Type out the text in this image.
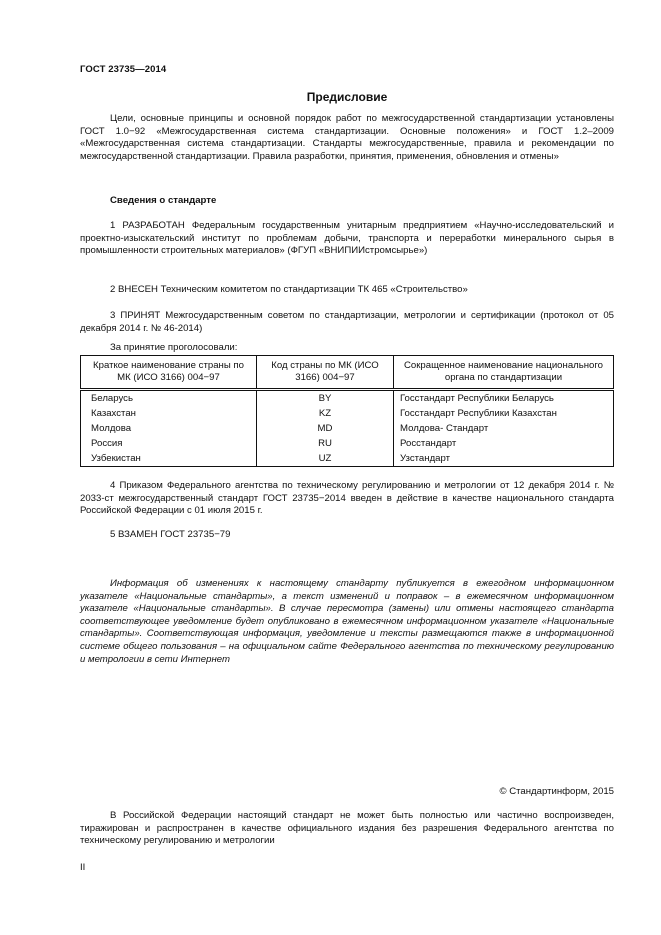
ГОСТ 23735—2014
Предисловие
Цели, основные принципы и основной порядок работ по межгосударственной стандартизации установлены ГОСТ 1.0−92 «Межгосударственная система стандартизации. Основные положения» и ГОСТ 1.2–2009 «Межгосударственная система стандартизации. Стандарты межгосударственные, правила и рекомендации по межгосударственной стандартизации. Правила разработки, принятия, применения, обновления и отмены»
Сведения о стандарте
1 РАЗРАБОТАН Федеральным государственным унитарным предприятием «Научно-исследовательский и проектно-изыскательский институт по проблемам добычи, транспорта и переработки минерального сырья в промышленности строительных материалов» (ФГУП «ВНИПИИстромсырье»)
2 ВНЕСЕН Техническим комитетом по стандартизации ТК 465 «Строительство»
3 ПРИНЯТ Межгосударственным советом по стандартизации, метрологии и сертификации (протокол от 05 декабря 2014 г. № 46-2014)
За принятие проголосовали:
Краткое наименование страны по МК (ИСО 3166) 004−97	Код страны по МК (ИСО 3166) 004−97	Сокращенное наименование национального органа по стандартизации
Беларусь	BY	Госстандарт Республики Беларусь
Казахстан	KZ	Госстандарт Республики Казахстан
Молдова	MD	Молдова- Стандарт
Россия	RU	Росстандарт
Узбекистан	UZ	Узстандарт
4 Приказом Федерального агентства по техническому регулированию и метрологии от 12 декабря 2014 г. № 2033-ст межгосударственный стандарт ГОСТ 23735−2014 введен в действие в качестве национального стандарта Российской Федерации с 01 июля 2015 г.
5 ВЗАМЕН ГОСТ 23735−79
Информация об изменениях к настоящему стандарту публикуется в ежегодном информационном указателе «Национальные стандарты», а текст изменений и поправок – в ежемесячном информационном указателе «Национальные стандарты». В случае пересмотра (замены) или отмены настоящего стандарта соответствующее уведомление будет опубликовано в ежемесячном информационном указателе «Национальные стандарты». Соответствующая информация, уведомление и тексты размещаются также в информационной системе общего пользования – на официальном сайте Федерального агентства по техническому регулированию и метрологии в сети Интернет
© Стандартинформ, 2015
В Российской Федерации настоящий стандарт не может быть полностью или частично воспроизведен, тиражирован и распространен в качестве официального издания без разрешения Федерального агентства по техническому регулированию и метрологии
II
